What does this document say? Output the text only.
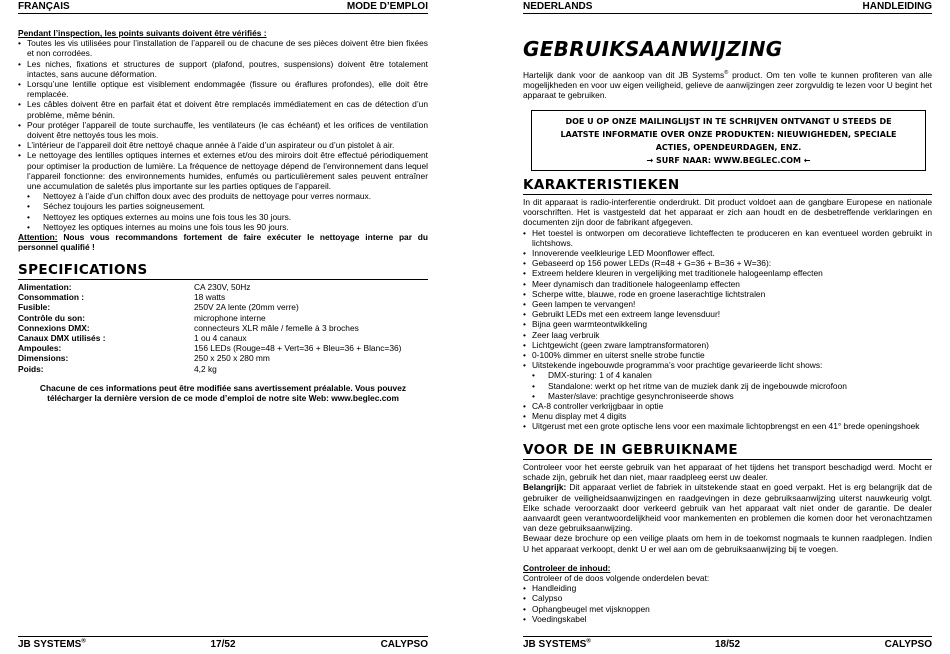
FRANÇAIS	MODE D’EMPLOI
Pendant l’inspection, les points suivants doivent être vérifiés :
• Toutes les vis utilisées pour l’installation de l’appareil ou de chacune de ses pièces doivent être bien fixées et non corrodées.
• Les niches, fixations et structures de support (plafond, poutres, suspensions) doivent être totalement intactes, sans aucune déformation.
• Lorsqu’une lentille optique est visiblement endommagée (fissure ou éraflures profondes), elle doit être remplacée.
• Les câbles doivent être en parfait état et doivent être remplacés immédiatement en cas de détection d’un problème, même bénin.
• Pour protéger l’appareil de toute surchauffe, les ventilateurs (le cas échéant) et les orifices de ventilation doivent être nettoyés tous les mois.
• L’intérieur de l’appareil doit être nettoyé chaque année à l’aide d’un aspirateur ou d’un pistolet à air.
• Le nettoyage des lentilles optiques internes et externes et/ou des miroirs doit être effectué périodiquement pour optimiser la production de lumière. La fréquence de nettoyage dépend de l’environnement dans lequel l’appareil fonctionne: des environnements humides, enfumés ou particulièrement sales peuvent entraîner une accumulation de saletés plus importante sur les parties optiques de l’appareil.
• Nettoyez à l’aide d’un chiffon doux avec des produits de nettoyage pour verres normaux.
• Séchez toujours les parties soigneusement.
• Nettoyez les optiques externes au moins une fois tous les 30 jours.
• Nettoyez les optiques internes au moins une fois tous les 90 jours.

Attention: Nous vous recommandons fortement de faire exécuter le nettoyage interne par du personnel qualifié !

SPECIFICATIONS
Alimentation:	CA 230V, 50Hz
Consommation :	18 watts
Fusible:	250V 2A lente (20mm verre)
Contrôle du son:	microphone interne
Connexions DMX:	connecteurs XLR mâle / femelle à 3 broches
Canaux DMX utilisés :	1 ou 4 canaux
Ampoules:	156 LEDs (Rouge=48 + Vert=36 + Bleu=36 + Blanc=36)
Dimensions:	250 x 250 x 280 mm
Poids:	4,2 kg

Chacune de ces informations peut être modifiée sans avertissement préalable. Vous pouvez télécharger la dernière version de ce mode d’emploi de notre site Web: www.beglec.com

JB SYSTEMS®	17/52	CALYPSO
NEDERLANDS	HANDLEIDING
GEBRUIKSAANWIJZING

Hartelijk dank voor de aankoop van dit JB Systems® product. Om ten volle te kunnen profiteren van alle mogelijkheden en voor uw eigen veiligheid, gelieve de aanwijzingen zeer zorgvuldig te lezen voor U begint het apparaat te gebruiken.

DOE U OP ONZE MAILINGLIJST IN TE SCHRIJVEN ONTVANGT U STEEDS DE
LAATSTE INFORMATIE OVER ONZE PRODUKTEN: NIEUWIGHEDEN, SPECIALE
ACTIES, OPENDEURDAGEN, ENZ.
→ SURF NAAR: WWW.BEGLEC.COM ←
KARAKTERISTIEKEN

In dit apparaat is radio-interferentie onderdrukt. Dit product voldoet aan de gangbare Europese en nationale voorschriften. Het is vastgesteld dat het apparaat er zich aan houdt en de desbetreffende verklaringen en documenten zijn door de fabrikant afgegeven.

• Het toestel is ontworpen om decoratieve lichteffecten te produceren en kan eventueel worden gebruikt in lichtshows.
• Innoverende veelkleurige LED Moonflower effect.
• Gebaseerd op 156 power LEDs (R=48 + G=36 + B=36 + W=36):
• Extreem heldere kleuren in vergelijking met traditionele halogeenlamp effecten
• Meer dynamisch dan traditionele halogeenlamp effecten
• Scherpe witte, blauwe, rode en groene laserachtige lichtstralen
• Geen lampen te vervangen!
• Gebruikt LEDs met een extreem lange levensduur!
• Bijna geen warmteontwikkeling
• Zeer laag verbruik
• Lichtgewicht (geen zware lamptransformatoren)
• 0-100% dimmer en uiterst snelle strobe functie
• Uitstekende ingebouwde programma’s voor prachtige gevarieerde licht shows:
• DMX-sturing: 1 of 4 kanalen
• Standalone: werkt op het ritme van de muziek dank zij de ingebouwde microfoon
• Master/slave: prachtige gesynchroniseerde shows
• CA-8 controller verkrijgbaar in optie
• Menu display met 4 digits
• Uitgerust met een grote optische lens voor een maximale lichtopbrengst en een 41° brede openingshoek
VOOR DE IN GEBRUIKNAME

Controleer voor het eerste gebruik van het apparaat of het tijdens het transport beschadigd werd. Mocht er schade zijn, gebruik het dan niet, maar raadpleeg eerst uw dealer.

Belangrijk: Dit apparaat verliet de fabriek in uitstekende staat en goed verpakt. Het is erg belangrijk dat de gebruiker de veiligheidsaanwijzingen en raadgevingen in deze gebruiksaanwijzing uiterst nauwkeurig volgt. Elke schade veroorzaakt door verkeerd gebruik van het apparaat valt niet onder de garantie. De dealer aanvaardt geen verantwoordelijkheid voor mankementen en problemen die komen door het veronachtzamen van deze gebruiksaanwijzing.

Bewaar deze brochure op een veilige plaats om hem in de toekomst nogmaals te kunnen raadplegen. Indien U het apparaat verkoopt, denkt U er wel aan om de gebruiksaanwijzing bij te voegen.

Controleer de inhoud:
Controleer of de doos volgende onderdelen bevat:
• Handleiding
• Calypso
• Ophangbeugel met vijsknoppen
• Voedingskabel
JB SYSTEMS®	18/52	CALYPSO
